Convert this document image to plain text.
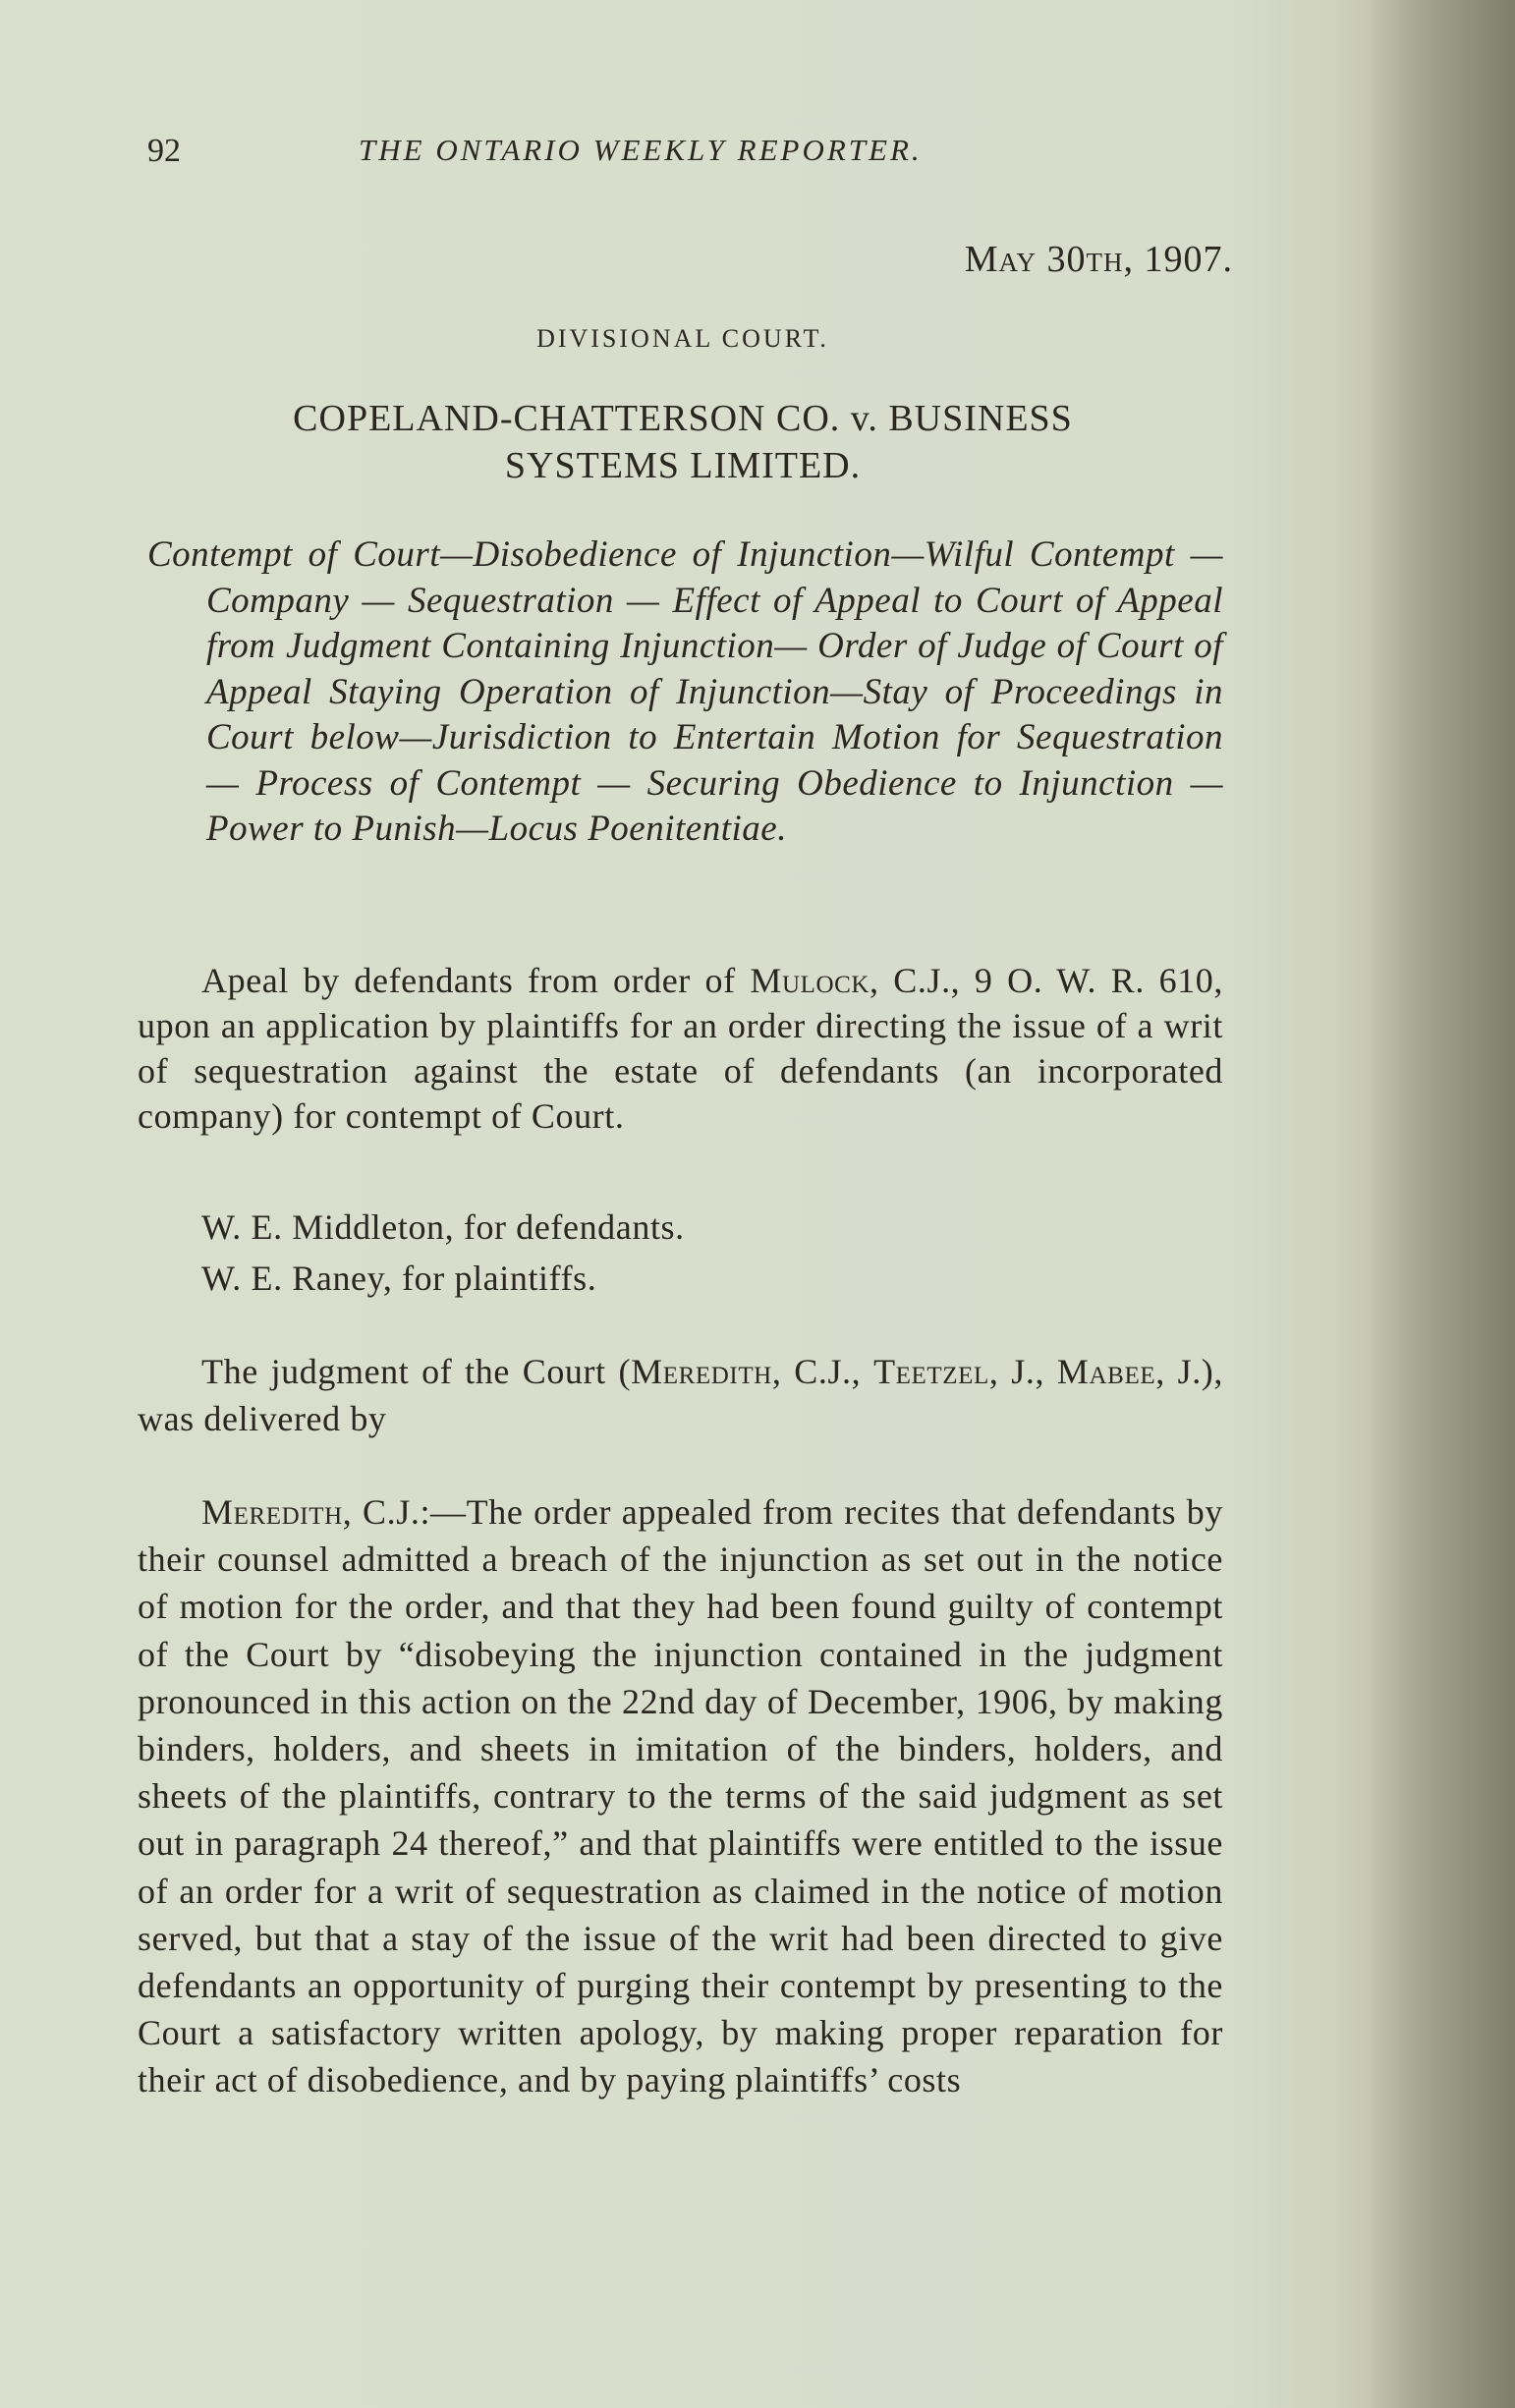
92	THE ONTARIO WEEKLY REPORTER.
May 30th, 1907.
DIVISIONAL COURT.
COPELAND-CHATTERSON CO. v. BUSINESS
SYSTEMS LIMITED.
Contempt of Court—Disobedience of Injunction—Wilful Contempt — Company — Sequestration — Effect of Appeal to Court of Appeal from Judgment Containing Injunction— Order of Judge of Court of Appeal Staying Operation of Injunction—Stay of Proceedings in Court below—Jurisdiction to Entertain Motion for Sequestration — Process of Contempt — Securing Obedience to Injunction — Power to Punish—Locus Poenitentiae.
Apeal by defendants from order of Mulock, C.J., 9 O. W. R. 610, upon an application by plaintiffs for an order directing the issue of a writ of sequestration against the estate of defendants (an incorporated company) for contempt of Court.
W. E. Middleton, for defendants.
W. E. Raney, for plaintiffs.
The judgment of the Court (Meredith, C.J., Teetzel, J., Mabee, J.), was delivered by
Meredith, C.J.:—The order appealed from recites that defendants by their counsel admitted a breach of the injunction as set out in the notice of motion for the order, and that they had been found guilty of contempt of the Court by “disobeying the injunction contained in the judgment pronounced in this action on the 22nd day of December, 1906, by making binders, holders, and sheets in imitation of the binders, holders, and sheets of the plaintiffs, contrary to the terms of the said judgment as set out in paragraph 24 thereof,” and that plaintiffs were entitled to the issue of an order for a writ of sequestration as claimed in the notice of motion served, but that a stay of the issue of the writ had been directed to give defendants an opportunity of purging their contempt by presenting to the Court a satisfactory written apology, by making proper reparation for their act of disobedience, and by paying plaintiffs’ costs
